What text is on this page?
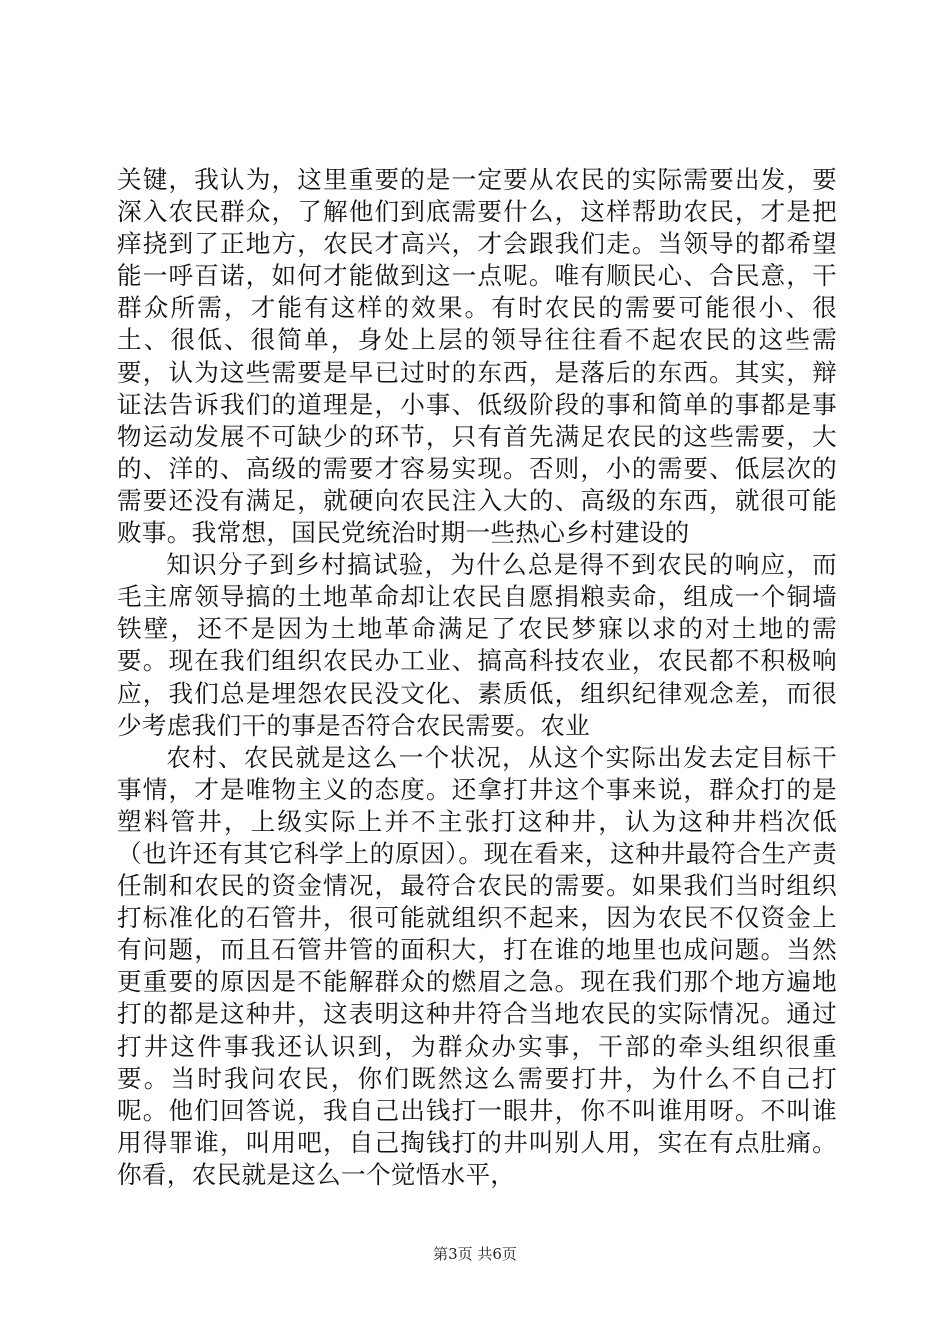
关键，我认为，这里重要的是一定要从农民的实际需要出发，要深入农民群众，了解他们到底需要什么，这样帮助农民，才是把痒挠到了正地方，农民才高兴，才会跟我们走。当领导的都希望能一呼百诺，如何才能做到这一点呢。唯有顺民心、合民意，干群众所需，才能有这样的效果。有时农民的需要可能很小、很土、很低、很简单，身处上层的领导往往看不起农民的这些需要，认为这些需要是早已过时的东西，是落后的东西。其实，辩证法告诉我们的道理是，小事、低级阶段的事和简单的事都是事物运动发展不可缺少的环节，只有首先满足农民的这些需要，大的、洋的、高级的需要才容易实现。否则，小的需要、低层次的需要还没有满足，就硬向农民注入大的、高级的东西，就很可能败事。我常想，国民党统治时期一些热心乡村建设的

知识分子到乡村搞试验，为什么总是得不到农民的响应，而毛主席领导搞的土地革命却让农民自愿捐粮卖命，组成一个铜墙铁壁，还不是因为土地革命满足了农民梦寐以求的对土地的需要。现在我们组织农民办工业、搞高科技农业，农民都不积极响应，我们总是埋怨农民没文化、素质低，组织纪律观念差，而很少考虑我们干的事是否符合农民需要。农业

农村、农民就是这么一个状况，从这个实际出发去定目标干事情，才是唯物主义的态度。还拿打井这个事来说，群众打的是塑料管井，上级实际上并不主张打这种井，认为这种井档次低（也许还有其它科学上的原因）。现在看来，这种井最符合生产责任制和农民的资金情况，最符合农民的需要。如果我们当时组织打标准化的石管井，很可能就组织不起来，因为农民不仅资金上有问题，而且石管井管的面积大，打在谁的地里也成问题。当然更重要的原因是不能解群众的燃眉之急。现在我们那个地方遍地打的都是这种井，这表明这种井符合当地农民的实际情况。通过打井这件事我还认识到，为群众办实事，干部的牵头组织很重要。当时我问农民，你们既然这么需要打井，为什么不自己打呢。他们回答说，我自己出钱打一眼井，你不叫谁用呀。不叫谁用得罪谁，叫用吧，自己掏钱打的井叫别人用，实在有点肚痛。你看，农民就是这么一个觉悟水平，

第3页 共6页
